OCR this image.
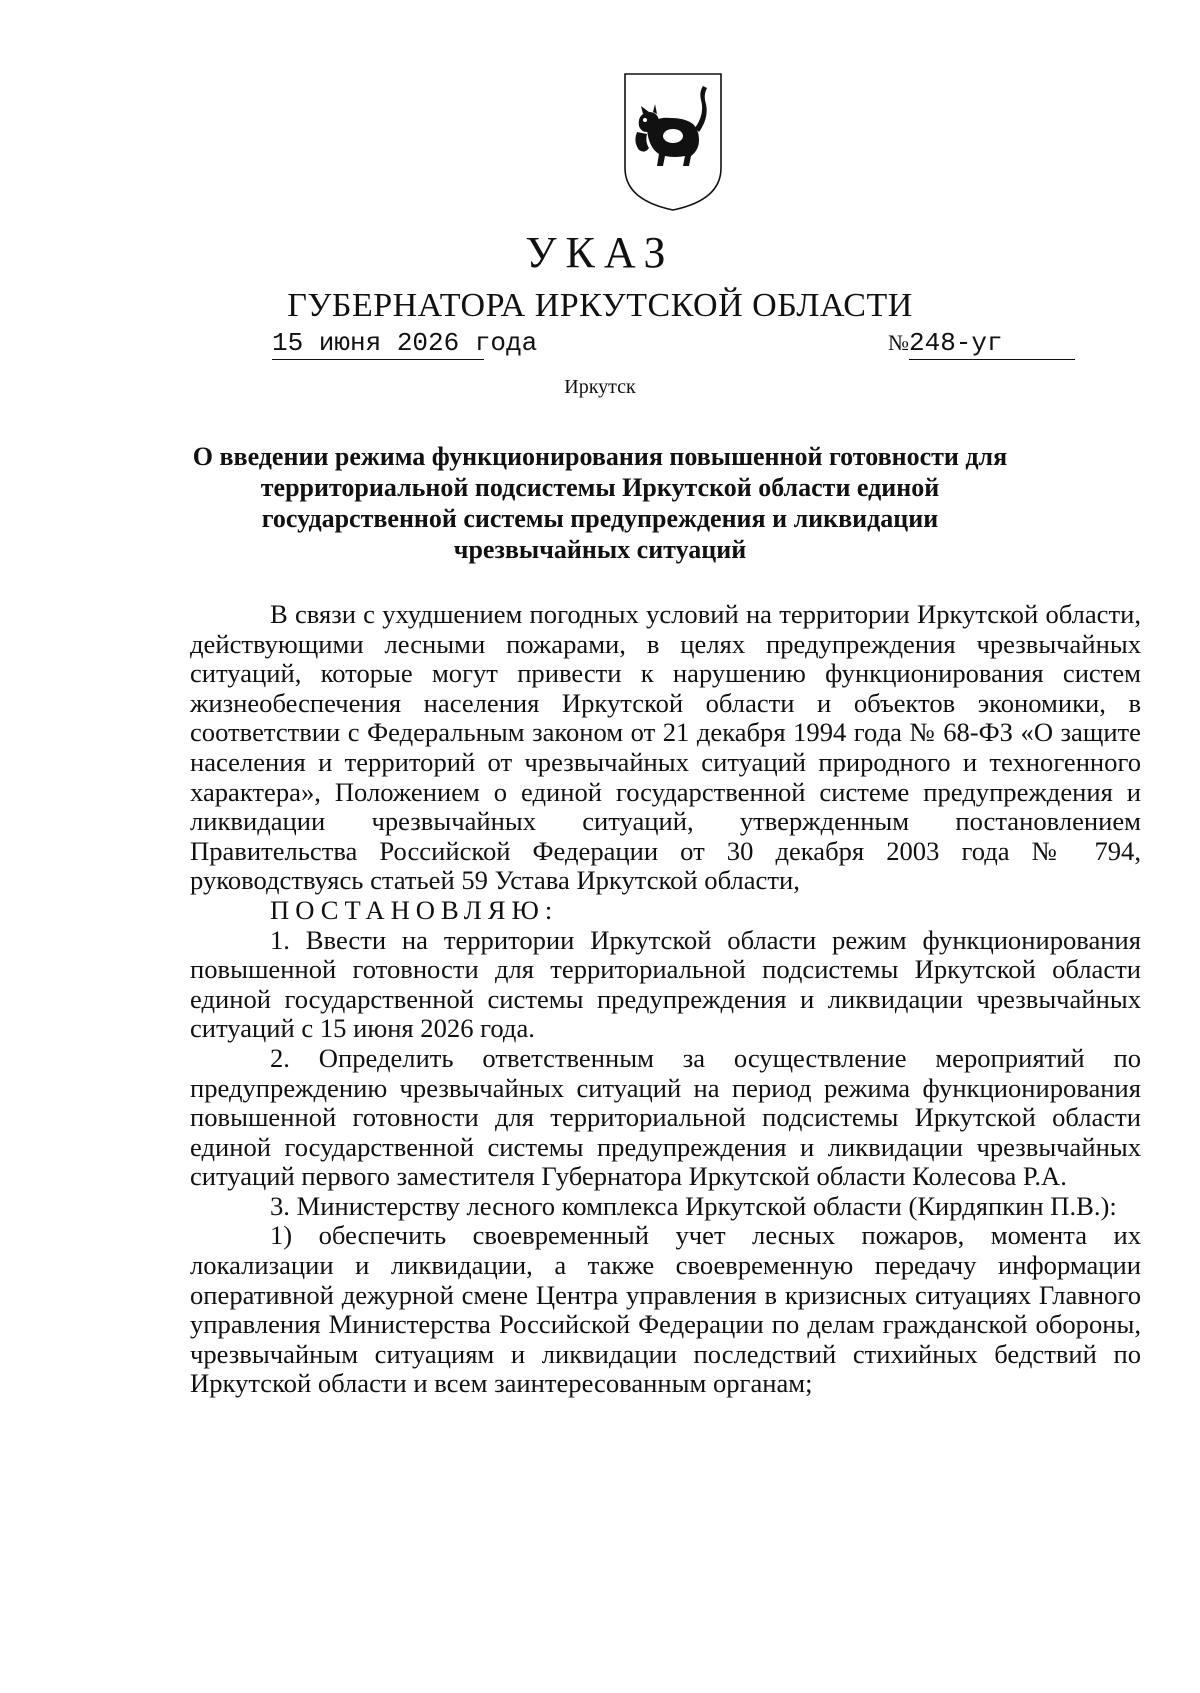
УКАЗ
ГУБЕРНАТОРА ИРКУТСКОЙ ОБЛАСТИ
15 июня 2026 года	№248-уг
Иркутск
О введении режима функционирования повышенной готовности для территориальной подсистемы Иркутской области единой государственной системы предупреждения и ликвидации чрезвычайных ситуаций

В связи с ухудшением погодных условий на территории Иркутской области, действующими лесными пожарами, в целях предупреждения чрезвычайных ситуаций, которые могут привести к нарушению функционирования систем жизнеобеспечения населения Иркутской области и объектов экономики, в соответствии с Федеральным законом от 21 декабря 1994 года № 68-ФЗ «О защите населения и территорий от чрезвычайных ситуаций природного и техногенного характера», Положением о единой государственной системе предупреждения и ликвидации чрезвычайных ситуаций, утвержденным постановлением Правительства Российской Федерации от 30 декабря 2003 года № 794, руководствуясь статьей 59 Устава Иркутской области,

ПОСТАНОВЛЯЮ:

1. Ввести на территории Иркутской области режим функционирования повышенной готовности для территориальной подсистемы Иркутской области единой государственной системы предупреждения и ликвидации чрезвычайных ситуаций с 15 июня 2026 года.

2. Определить ответственным за осуществление мероприятий по предупреждению чрезвычайных ситуаций на период режима функционирования повышенной готовности для территориальной подсистемы Иркутской области единой государственной системы предупреждения и ликвидации чрезвычайных ситуаций первого заместителя Губернатора Иркутской области Колесова Р.А.

3. Министерству лесного комплекса Иркутской области (Кирдяпкин П.В.):

1) обеспечить своевременный учет лесных пожаров, момента их локализации и ликвидации, а также своевременную передачу информации оперативной дежурной смене Центра управления в кризисных ситуациях Главного управления Министерства Российской Федерации по делам гражданской обороны, чрезвычайным ситуациям и ликвидации последствий стихийных бедствий по Иркутской области и всем заинтересованным органам;
